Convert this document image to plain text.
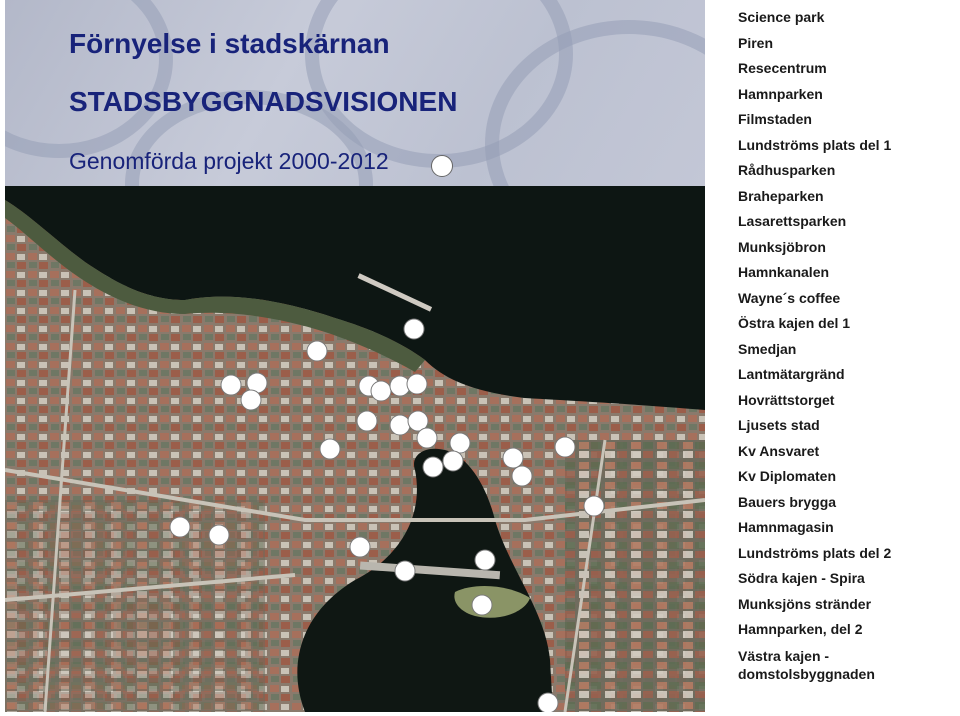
Förnyelse i stadskärnan
STADSBYGGNADSVISIONEN
Genomförda projekt 2000-2012
Science park
Piren
Resecentrum
Hamnparken
Filmstaden
Lundströms plats del 1
Rådhusparken
Braheparken
Lasarettsparken
Munksjöbron
Hamnkanalen
Wayne´s coffee
Östra kajen del 1
Smedjan
Lantmätargränd
Hovrättstorget
Ljusets stad
Kv Ansvaret
Kv Diplomaten
Bauers brygga
Hamnmagasin
Lundströms plats del 2
Södra kajen - Spira
Munksjöns stränder
Hamnparken, del 2
Västra kajen - domstolsbyggnaden
